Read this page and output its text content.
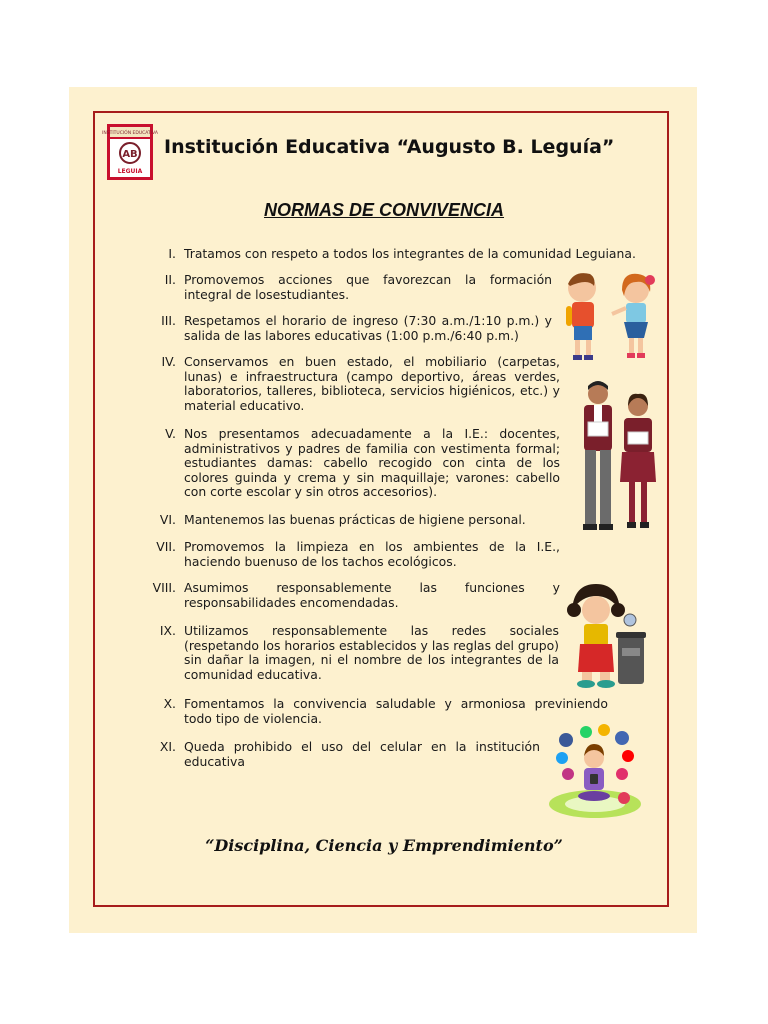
INSTITUCIÓN EDUCATIVA
AB
LEGUIA
Institución Educativa “Augusto B. Leguía”
NORMAS DE CONVIVENCIA
I. Tratamos con respeto a todos los integrantes de la comunidad Leguiana.
II. Promovemos acciones que favorezcan la formación integral de losestudiantes.
III. Respetamos el horario de ingreso (7:30 a.m./1:10 p.m.) y salida de las labores educativas (1:00 p.m./6:40 p.m.)
IV. Conservamos en buen estado, el mobiliario (carpetas, lunas) e infraestructura (campo deportivo, áreas verdes, laboratorios, talleres, biblioteca, servicios higiénicos, etc.) y material educativo.
V. Nos presentamos adecuadamente a la I.E.: docentes, administrativos y padres de familia con vestimenta formal; estudiantes damas: cabello recogido con cinta de los colores guinda y crema y sin maquillaje; varones: cabello con corte escolar y sin otros accesorios).
VI. Mantenemos las buenas prácticas de higiene personal.
VII. Promovemos la limpieza en los ambientes de la I.E., haciendo buenuso de los tachos ecológicos.
VIII. Asumimos responsablemente las funciones y responsabilidades encomendadas.
IX. Utilizamos responsablemente las redes sociales (respetando los horarios establecidos y las reglas del grupo) sin dañar la imagen, ni el nombre de los integrantes de la comunidad educativa.
X. Fomentamos la convivencia saludable y armoniosa previniendo todo tipo de violencia.
XI. Queda prohibido el uso del celular en la institución educativa
“Disciplina, Ciencia y Emprendimiento”
